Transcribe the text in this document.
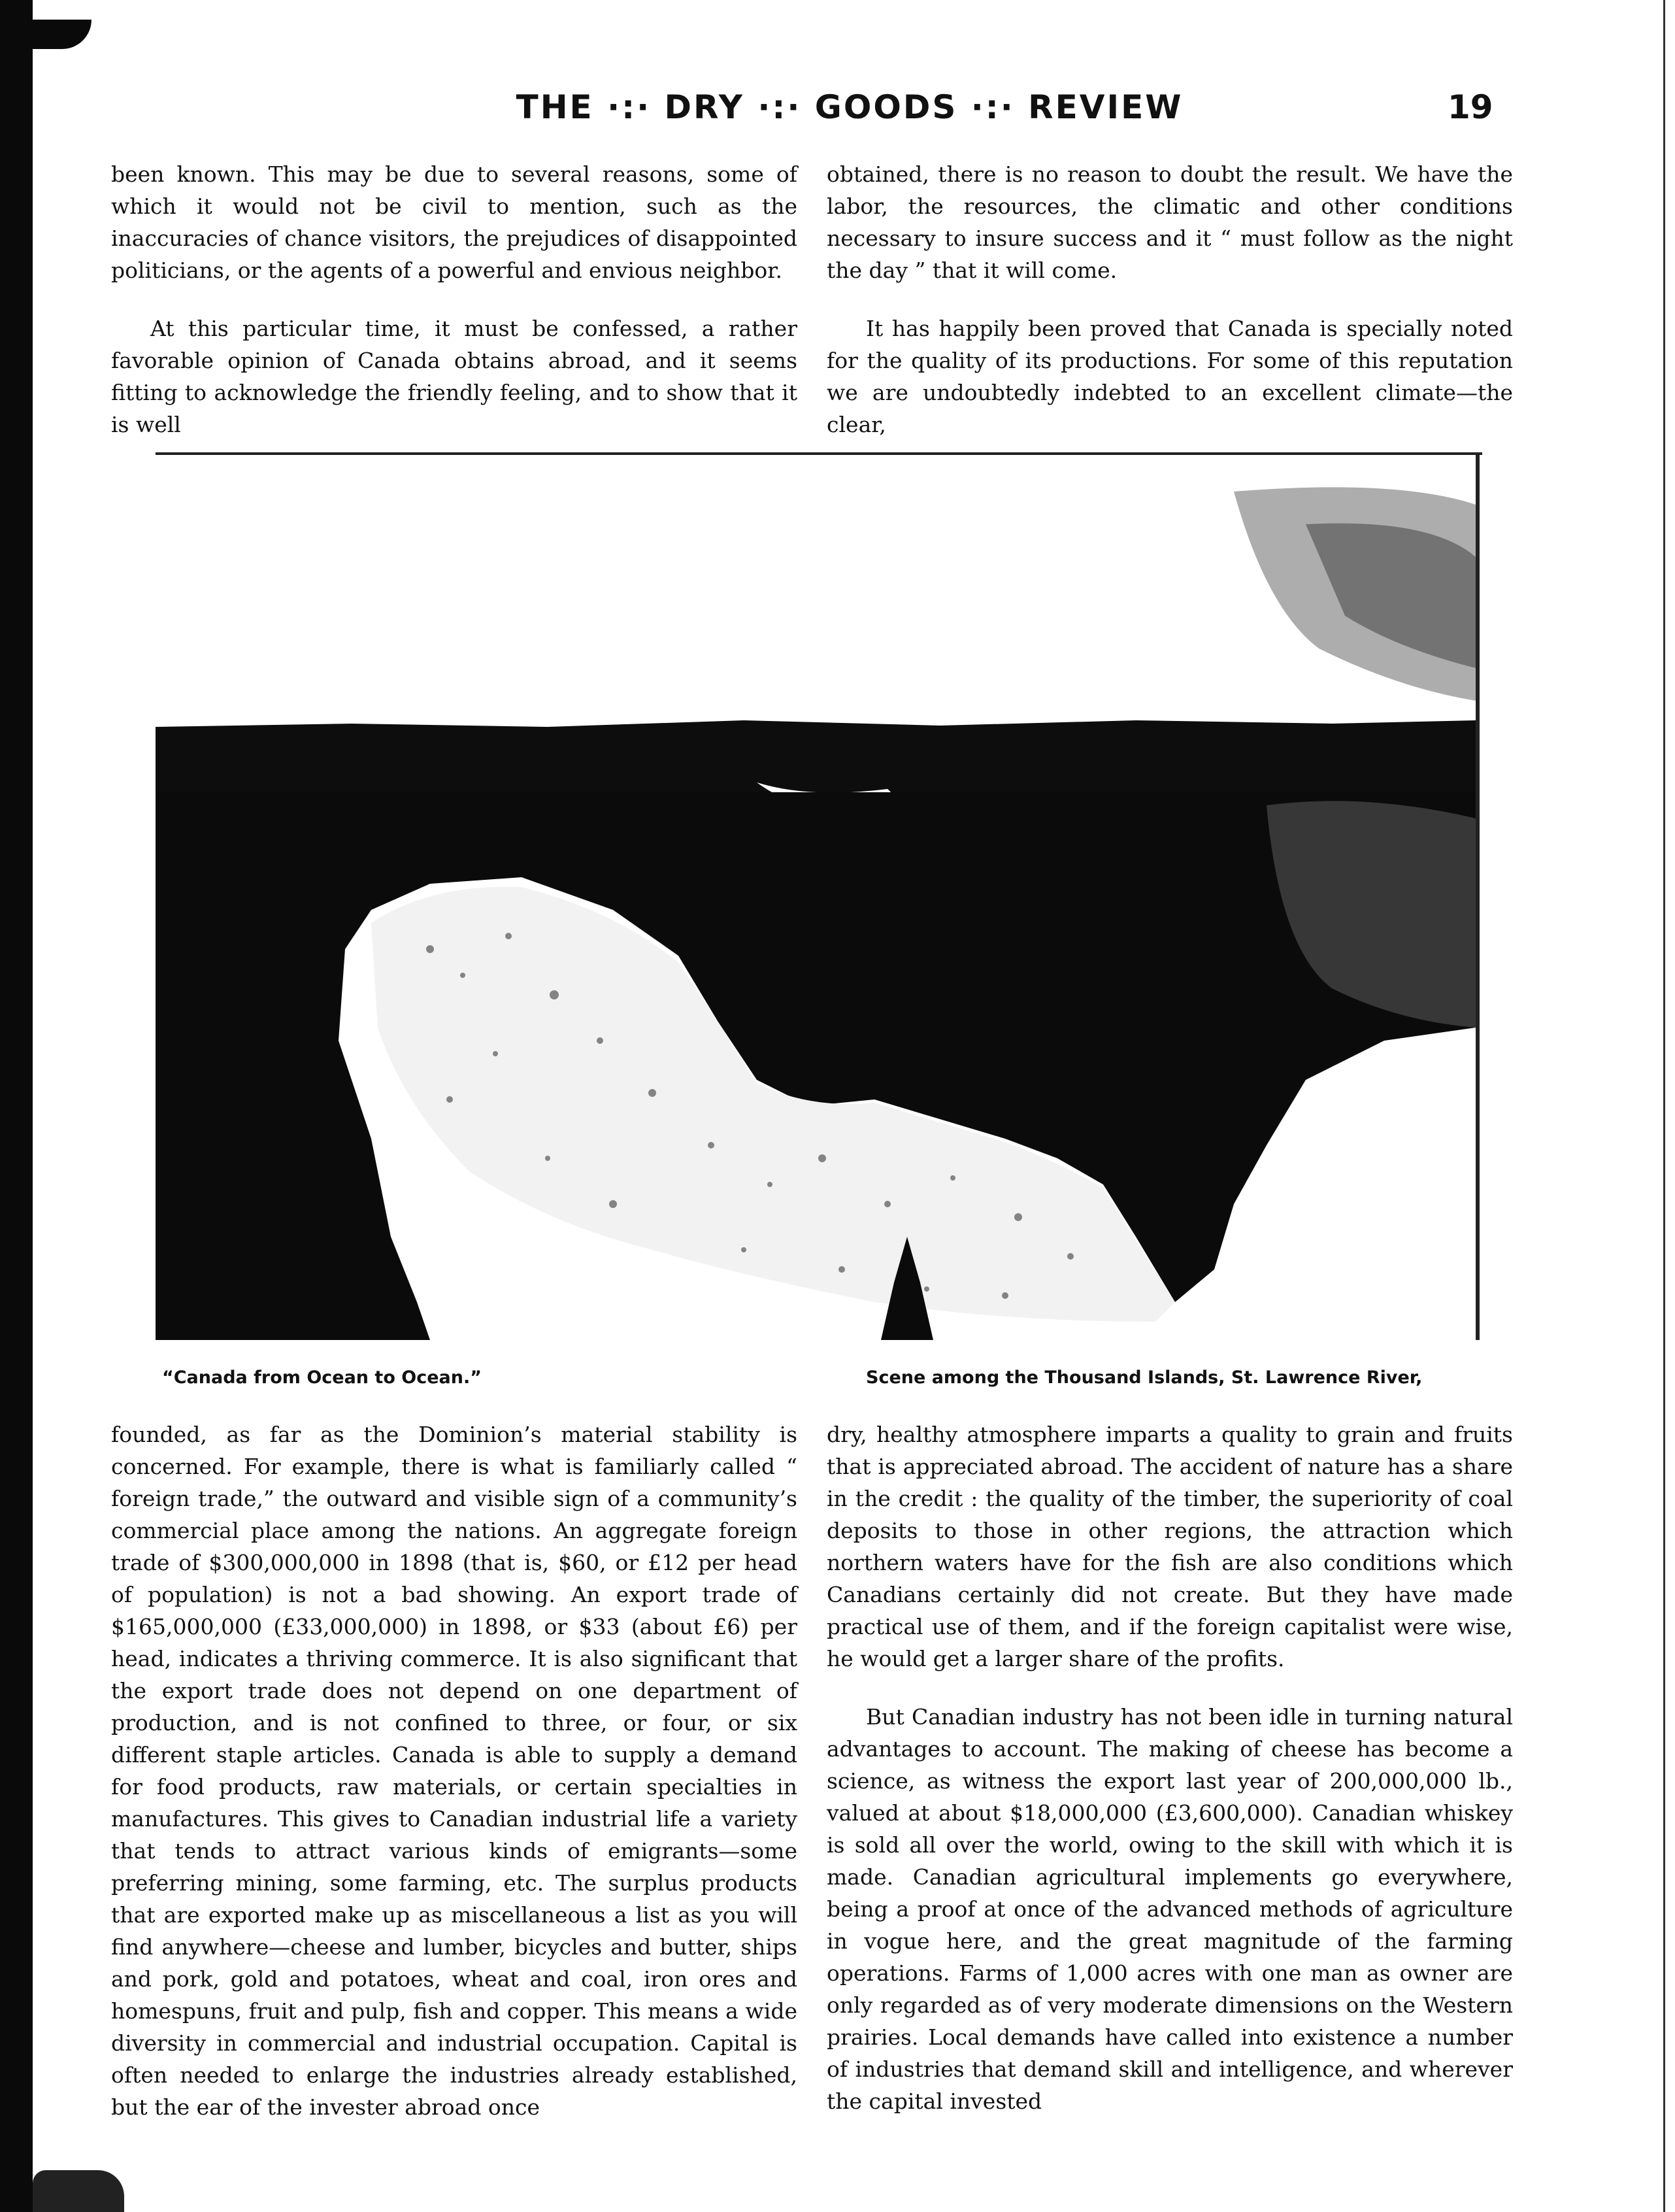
THE ·:· DRY ·:· GOODS ·:· REVIEW	19

been known. This may be due to several reasons, some of which it would not be civil to mention, such as the inaccuracies of chance visitors, the prejudices of disappointed politicians, or the agents of a powerful and envious neighbor.

At this particular time, it must be confessed, a rather favorable opinion of Canada obtains abroad, and it seems fitting to acknowledge the friendly feeling, and to show that it is well

obtained, there is no reason to doubt the result. We have the labor, the resources, the climatic and other conditions necessary to insure success and it “ must follow as the night the day ” that it will come.

It has happily been proved that Canada is specially noted for the quality of its productions. For some of this reputation we are undoubtedly indebted to an excellent climate—the clear,

“Canada from Ocean to Ocean.”	Scene among the Thousand Islands, St. Lawrence River,

founded, as far as the Dominion’s material stability is concerned. For example, there is what is familiarly called “ foreign trade,” the outward and visible sign of a community’s commercial place among the nations. An aggregate foreign trade of $300,000,000 in 1898 (that is, $60, or £12 per head of population) is not a bad showing. An export trade of $165,000,000 (£33,000,000) in 1898, or $33 (about £6) per head, indicates a thriving commerce. It is also significant that the export trade does not depend on one department of production, and is not confined to three, or four, or six different staple articles. Canada is able to supply a demand for food products, raw materials, or certain specialties in manufactures. This gives to Canadian industrial life a variety that tends to attract various kinds of emigrants—some preferring mining, some farming, etc. The surplus products that are exported make up as miscellaneous a list as you will find anywhere—cheese and lumber, bicycles and butter, ships and pork, gold and potatoes, wheat and coal, iron ores and homespuns, fruit and pulp, fish and copper. This means a wide diversity in commercial and industrial occupation. Capital is often needed to enlarge the industries already established, but the ear of the invester abroad once

dry, healthy atmosphere imparts a quality to grain and fruits that is appreciated abroad. The accident of nature has a share in the credit : the quality of the timber, the superiority of coal deposits to those in other regions, the attraction which northern waters have for the fish are also conditions which Canadians certainly did not create. But they have made practical use of them, and if the foreign capitalist were wise, he would get a larger share of the profits.

But Canadian industry has not been idle in turning natural advantages to account. The making of cheese has become a science, as witness the export last year of 200,000,000 lb., valued at about $18,000,000 (£3,600,000). Canadian whiskey is sold all over the world, owing to the skill with which it is made. Canadian agricultural implements go everywhere, being a proof at once of the advanced methods of agriculture in vogue here, and the great magnitude of the farming operations. Farms of 1,000 acres with one man as owner are only regarded as of very moderate dimensions on the Western prairies. Local demands have called into existence a number of industries that demand skill and intelligence, and wherever the capital invested
